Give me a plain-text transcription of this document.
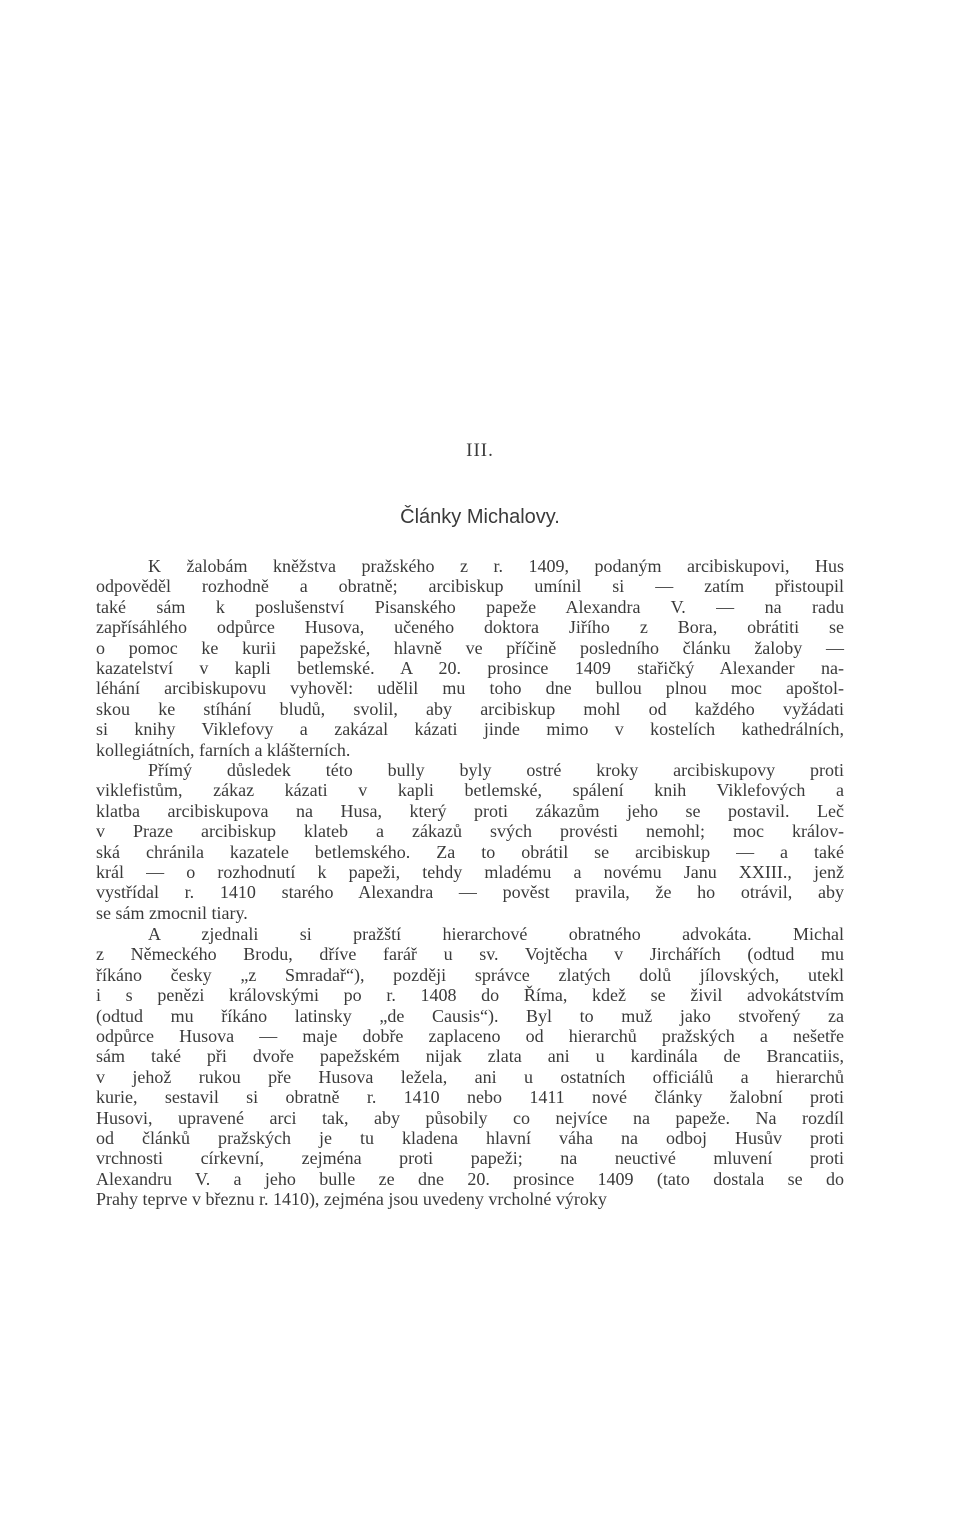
III.
Články Michalovy.
K žalobám kněžstva pražského z r. 1409, podaným arcibiskupovi, Hus
odpověděl rozhodně a obratně; arcibiskup umínil si — zatím přistoupil
také sám k poslušenství Pisanského papeže Alexandra V. — na radu
zapřísáhlého odpůrce Husova, učeného doktora Jiřího z Bora, obrátiti se
o pomoc ke kurii papežské, hlavně ve příčině posledního článku žaloby —
kazatelství v kapli betlemské. A 20. prosince 1409 stařičký Alexander na-
léhání arcibiskupovu vyhověl: udělil mu toho dne bullou plnou moc apoštol-
skou ke stíhání bludů, svolil, aby arcibiskup mohl od každého vyžádati
si knihy Viklefovy a zakázal kázati jinde mimo v kostelích kathedrálních,
kollegiátních, farních a klášterních.
Přímý důsledek této bully byly ostré kroky arcibiskupovy proti
viklefistům, zákaz kázati v kapli betlemské, spálení knih Viklefových a
klatba arcibiskupova na Husa, který proti zákazům jeho se postavil. Leč
v Praze arcibiskup klateb a zákazů svých provésti nemohl; moc králov-
ská chránila kazatele betlemského. Za to obrátil se arcibiskup — a také
král — o rozhodnutí k papeži, tehdy mladému a novému Janu XXIII., jenž
vystřídal r. 1410 starého Alexandra — pověst pravila, že ho otrávil, aby
se sám zmocnil tiary.
A zjednali si pražští hierarchové obratného advokáta. Michal
z Německého Brodu, dříve farář u sv. Vojtěcha v Jirchářích (odtud mu
říkáno česky „z Smradař“), později správce zlatých dolů jílovských, utekl
i s penězi královskými po r. 1408 do Říma, kdež se živil advokátstvím
(odtud mu říkáno latinsky „de Causis“). Byl to muž jako stvořený za
odpůrce Husova — maje dobře zaplaceno od hierarchů pražských a nešetře
sám také při dvoře papežském nijak zlata ani u kardinála de Brancatiis,
v jehož rukou pře Husova ležela, ani u ostatních officiálů a hierarchů
kurie, sestavil si obratně r. 1410 nebo 1411 nové články žalobní proti
Husovi, upravené arci tak, aby působily co nejvíce na papeže. Na rozdíl
od článků pražských je tu kladena hlavní váha na odboj Husův proti
vrchnosti církevní, zejména proti papeži; na neuctivé mluvení proti
Alexandru V. a jeho bulle ze dne 20. prosince 1409 (tato dostala se do
Prahy teprve v březnu r. 1410), zejména jsou uvedeny vrcholné výroky
